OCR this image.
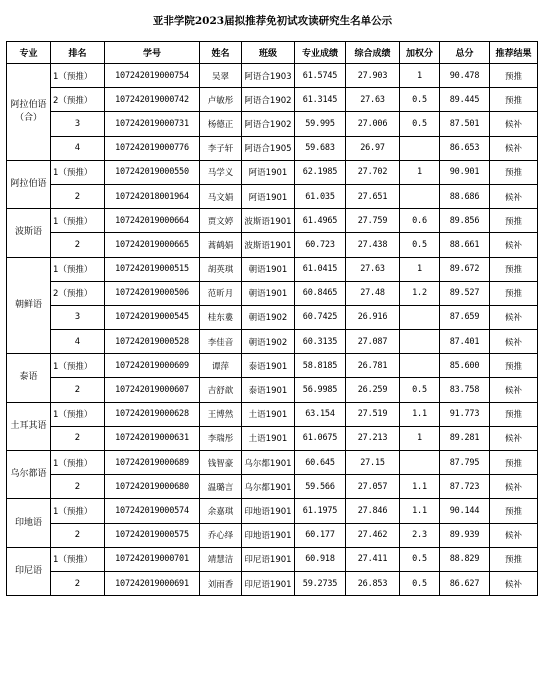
亚非学院2023届拟推荐免初试攻读研究生名单公示
专业	排名	学号	姓名	班级	专业成绩	综合成绩	加权分	总分	推荐结果
阿拉伯语（合）	1（预推）	107242019000754	吴翠	阿语合1903	61.5745	27.903	1	90.478	预推
	2（预推）	107242019000742	卢敏彤	阿语合1902	61.3145	27.63	0.5	89.445	预推
	3	107242019000731	杨德正	阿语合1902	59.995	27.006	0.5	87.501	候补
	4	107242019000776	李子轩	阿语合1905	59.683	26.97		86.653	候补
阿拉伯语	1（预推）	107242019000550	马学义	阿语1901	62.1985	27.702	1	90.901	预推
	2	107242018001964	马文娟	阿语1901	61.035	27.651		88.686	候补
波斯语	1（预推）	107242019000664	贾文婷	波斯语1901	61.4965	27.759	0.6	89.856	预推
	2	107242019000665	蒿鹤娟	波斯语1901	60.723	27.438	0.5	88.661	候补
朝鲜语	1（预推）	107242019000515	胡英琪	朝语1901	61.0415	27.63	1	89.672	预推
	2（预推）	107242019000506	范昕月	朝语1901	60.8465	27.48	1.2	89.527	预推
	3	107242019000545	桂东婁	朝语1902	60.7425	26.916		87.659	候补
	4	107242019000528	李佳音	朝语1902	60.3135	27.087		87.401	候补
泰语	1（预推）	107242019000609	谭萍	泰语1901	58.8185	26.781		85.600	预推
	2	107242019000607	吉舒歆	泰语1901	56.9985	26.259	0.5	83.758	候补
土耳其语	1（预推）	107242019000628	王博然	土语1901	63.154	27.519	1.1	91.773	预推
	2	107242019000631	李瑞彤	土语1901	61.0675	27.213	1	89.281	候补
乌尔都语	1（预推）	107242019000689	钱智豪	乌尔都1901	60.645	27.15		87.795	预推
	2	107242019000680	温璐言	乌尔都1901	59.566	27.057	1.1	87.723	候补
印地语	1（预推）	107242019000574	余嘉琪	印地语1901	61.1975	27.846	1.1	90.144	预推
	2	107242019000575	乔心绎	印地语1901	60.177	27.462	2.3	89.939	候补
印尼语	1（预推）	107242019000701	靖慧洁	印尼语1901	60.918	27.411	0.5	88.829	预推
	2	107242019000691	刘雨香	印尼语1901	59.2735	26.853	0.5	86.627	候补
